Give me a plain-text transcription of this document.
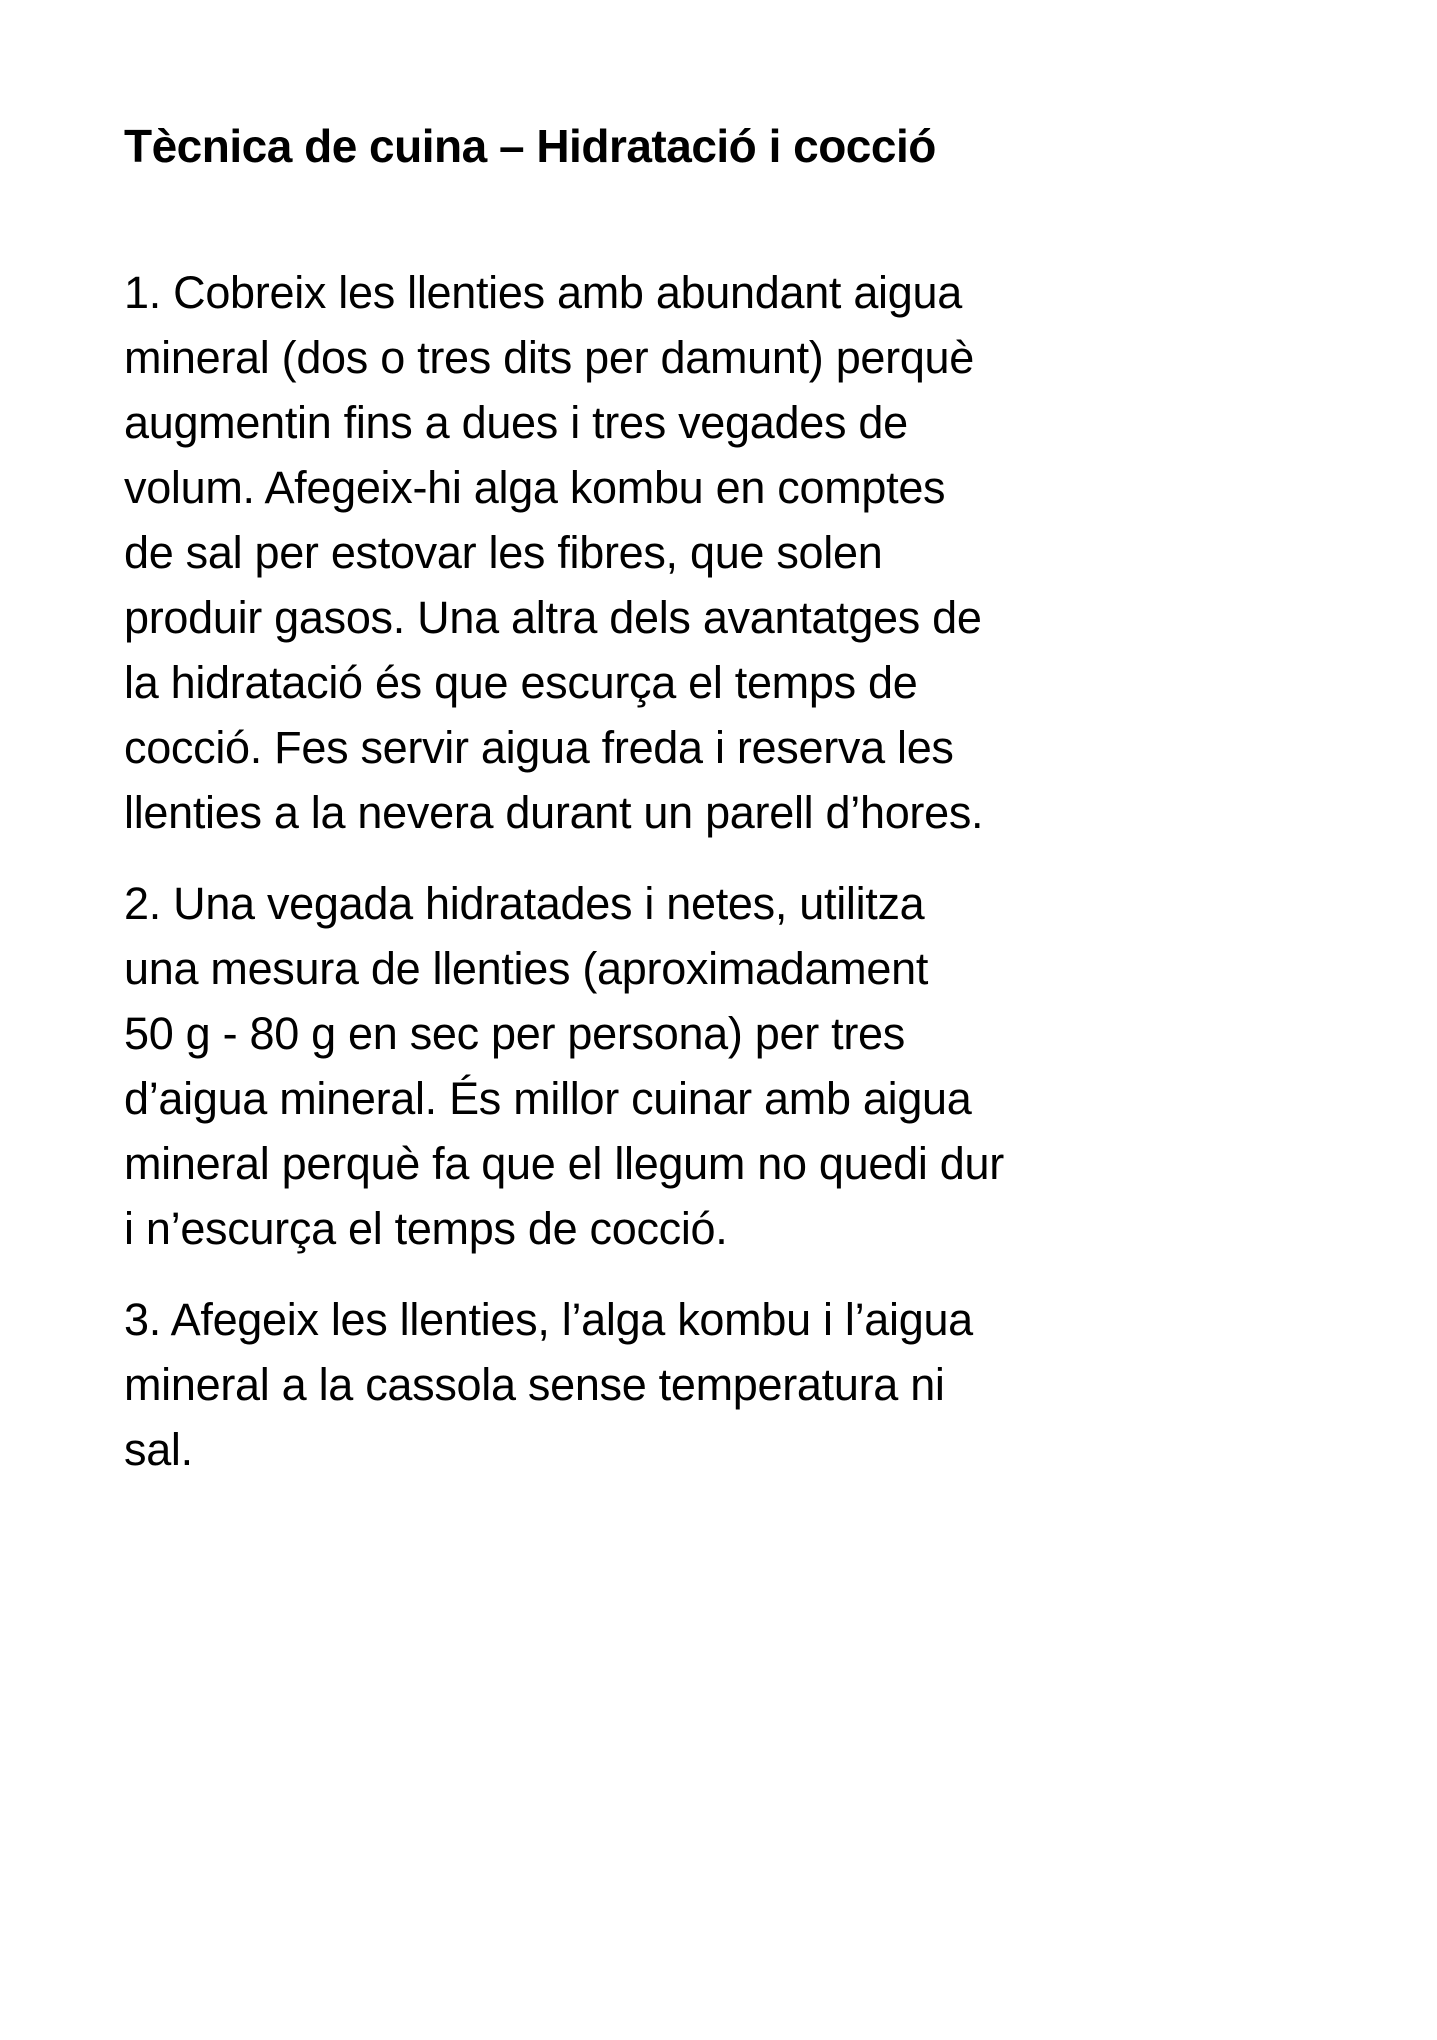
Tècnica de cuina – Hidratació i cocció

1. Cobreix les llenties amb abundant aigua
mineral (dos o tres dits per damunt) perquè
augmentin fins a dues i tres vegades de
volum. Afegeix-hi alga kombu en comptes
de sal per estovar les fibres, que solen
produir gasos. Una altra dels avantatges de
la hidratació és que escurça el temps de
cocció. Fes servir aigua freda i reserva les
llenties a la nevera durant un parell d’hores.

2. Una vegada hidratades i netes, utilitza
una mesura de llenties (aproximadament
50 g - 80 g en sec per persona) per tres
d’aigua mineral. És millor cuinar amb aigua
mineral perquè fa que el llegum no quedi dur
i n’escurça el temps de cocció.

3. Afegeix les llenties, l’alga kombu i l’aigua
mineral a la cassola sense temperatura ni
sal.
